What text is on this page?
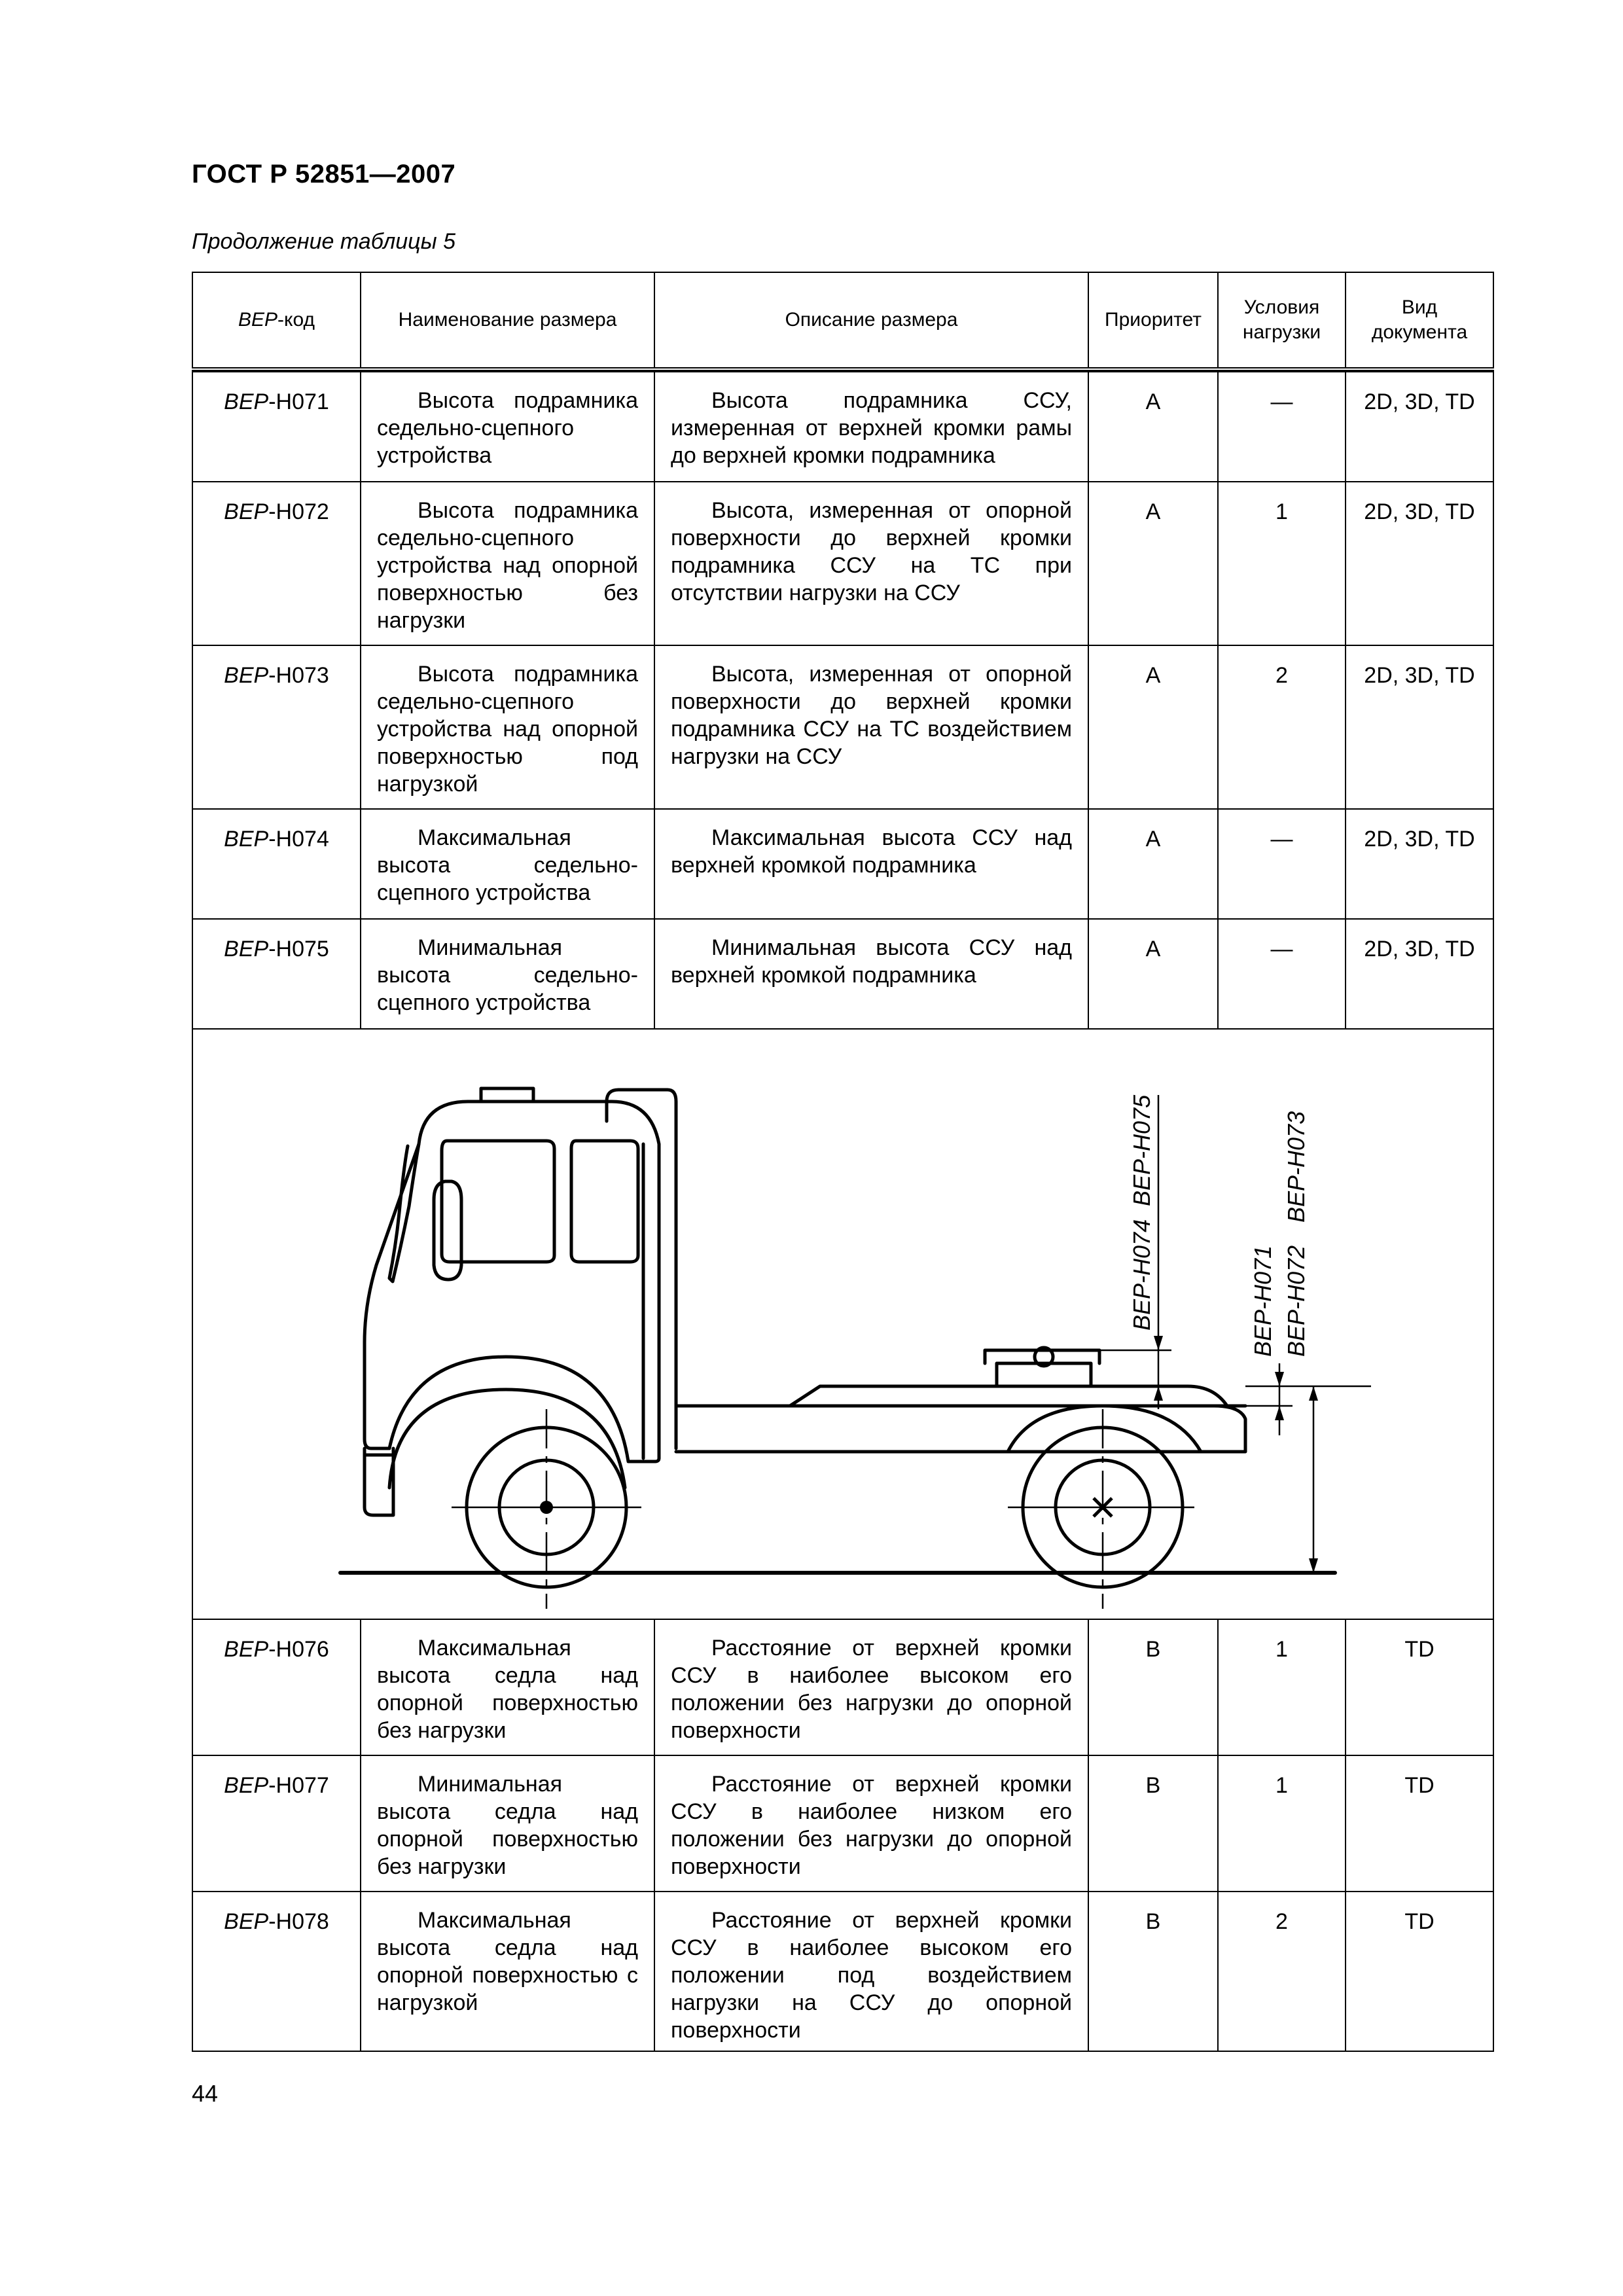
ГОСТ Р 52851—2007
Продолжение таблицы 5
BEP-код	Наименование размера	Описание размера	Приоритет	Условия нагрузки	Вид документа

BEP-H071	Высота подрамника седельно-сцепного устройства	Высота подрамника ССУ, измеренная от верхней кромки рамы до верхней кромки подрамника	A	—	2D, 3D, TD
BEP-H072	Высота подрамника седельно-сцепного устройства над опорной поверхностью без нагрузки	Высота, измеренная от опорной поверхности до верхней кромки подрамника ССУ на ТС при отсутствии нагрузки на ССУ	A	1	2D, 3D, TD
BEP-H073	Высота подрамника седельно-сцепного устройства над опорной поверхностью под нагрузкой	Высота, измеренная от опорной поверхности до верхней кромки подрамника ССУ на ТС воздействием нагрузки на ССУ	A	2	2D, 3D, TD
BEP-H074	Максимальная высота седельно-сцепного устройства	Максимальная высота ССУ над верхней кромкой подрамника	A	—	2D, 3D, TD
BEP-H075	Минимальная высота седельно-сцепного устройства	Минимальная высота ССУ над верхней кромкой подрамника	A	—	2D, 3D, TD

BEP-H074
BEP-H075
BEP-H071 BEP-H072
BEP-H073					

BEP-H076	Максимальная высота седла над опорной поверхностью без нагрузки	Расстояние от верхней кромки ССУ в наиболее высоком его положении без нагрузки до опорной поверхности	B	1	TD
BEP-H077	Минимальная высота седла над опорной поверхностью без нагрузки	Расстояние от верхней кромки ССУ в наиболее низком его положении без нагрузки до опорной поверхности	B	1	TD
BEP-H078	Максимальная высота седла над опорной поверхностью с нагрузкой	Расстояние от верхней кромки ССУ в наиболее высоком его положении под воздействием нагрузки на ССУ до опорной поверхности	B	2	TD
44
